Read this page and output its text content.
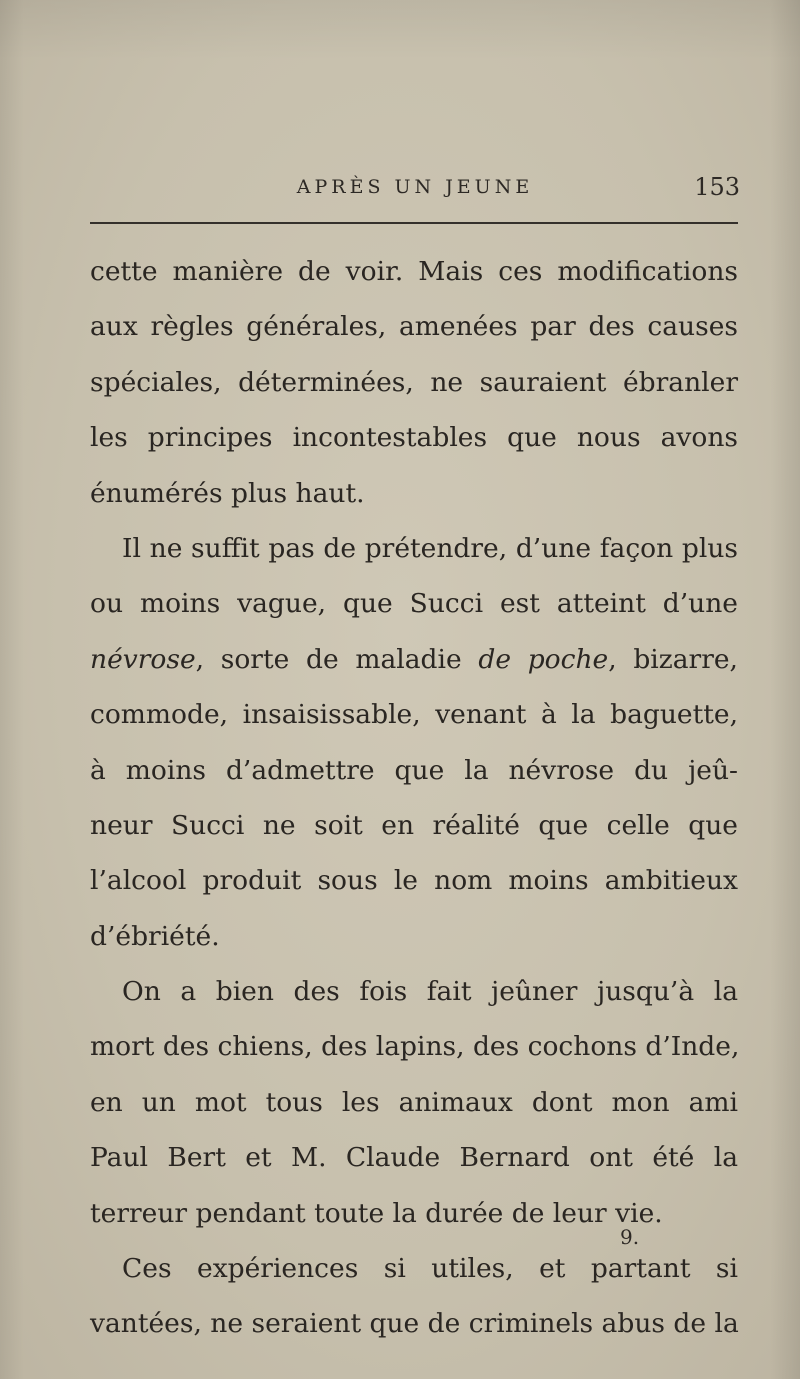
APRÈS UN JEUNE	153
cette manière de voir. Mais ces modifications
aux règles générales, amenées par des causes
spéciales, déterminées, ne sauraient ébranler
les principes incontestables que nous avons
énumérés plus haut.
Il ne suffit pas de prétendre, d’une façon plus
ou moins vague, que Succi est atteint d’une
névrose, sorte de maladie de poche, bizarre,
commode, insaisissable, venant à la baguette,
à moins d’admettre que la névrose du jeû-
neur Succi ne soit en réalité que celle que
l’alcool produit sous le nom moins ambitieux
d’ébriété.
On a bien des fois fait jeûner jusqu’à la
mort des chiens, des lapins, des cochons d’Inde,
en un mot tous les animaux dont mon ami
Paul Bert et M. Claude Bernard ont été la
terreur pendant toute la durée de leur vie.
Ces expériences si utiles, et partant si
vantées, ne seraient que de criminels abus de la
9.
